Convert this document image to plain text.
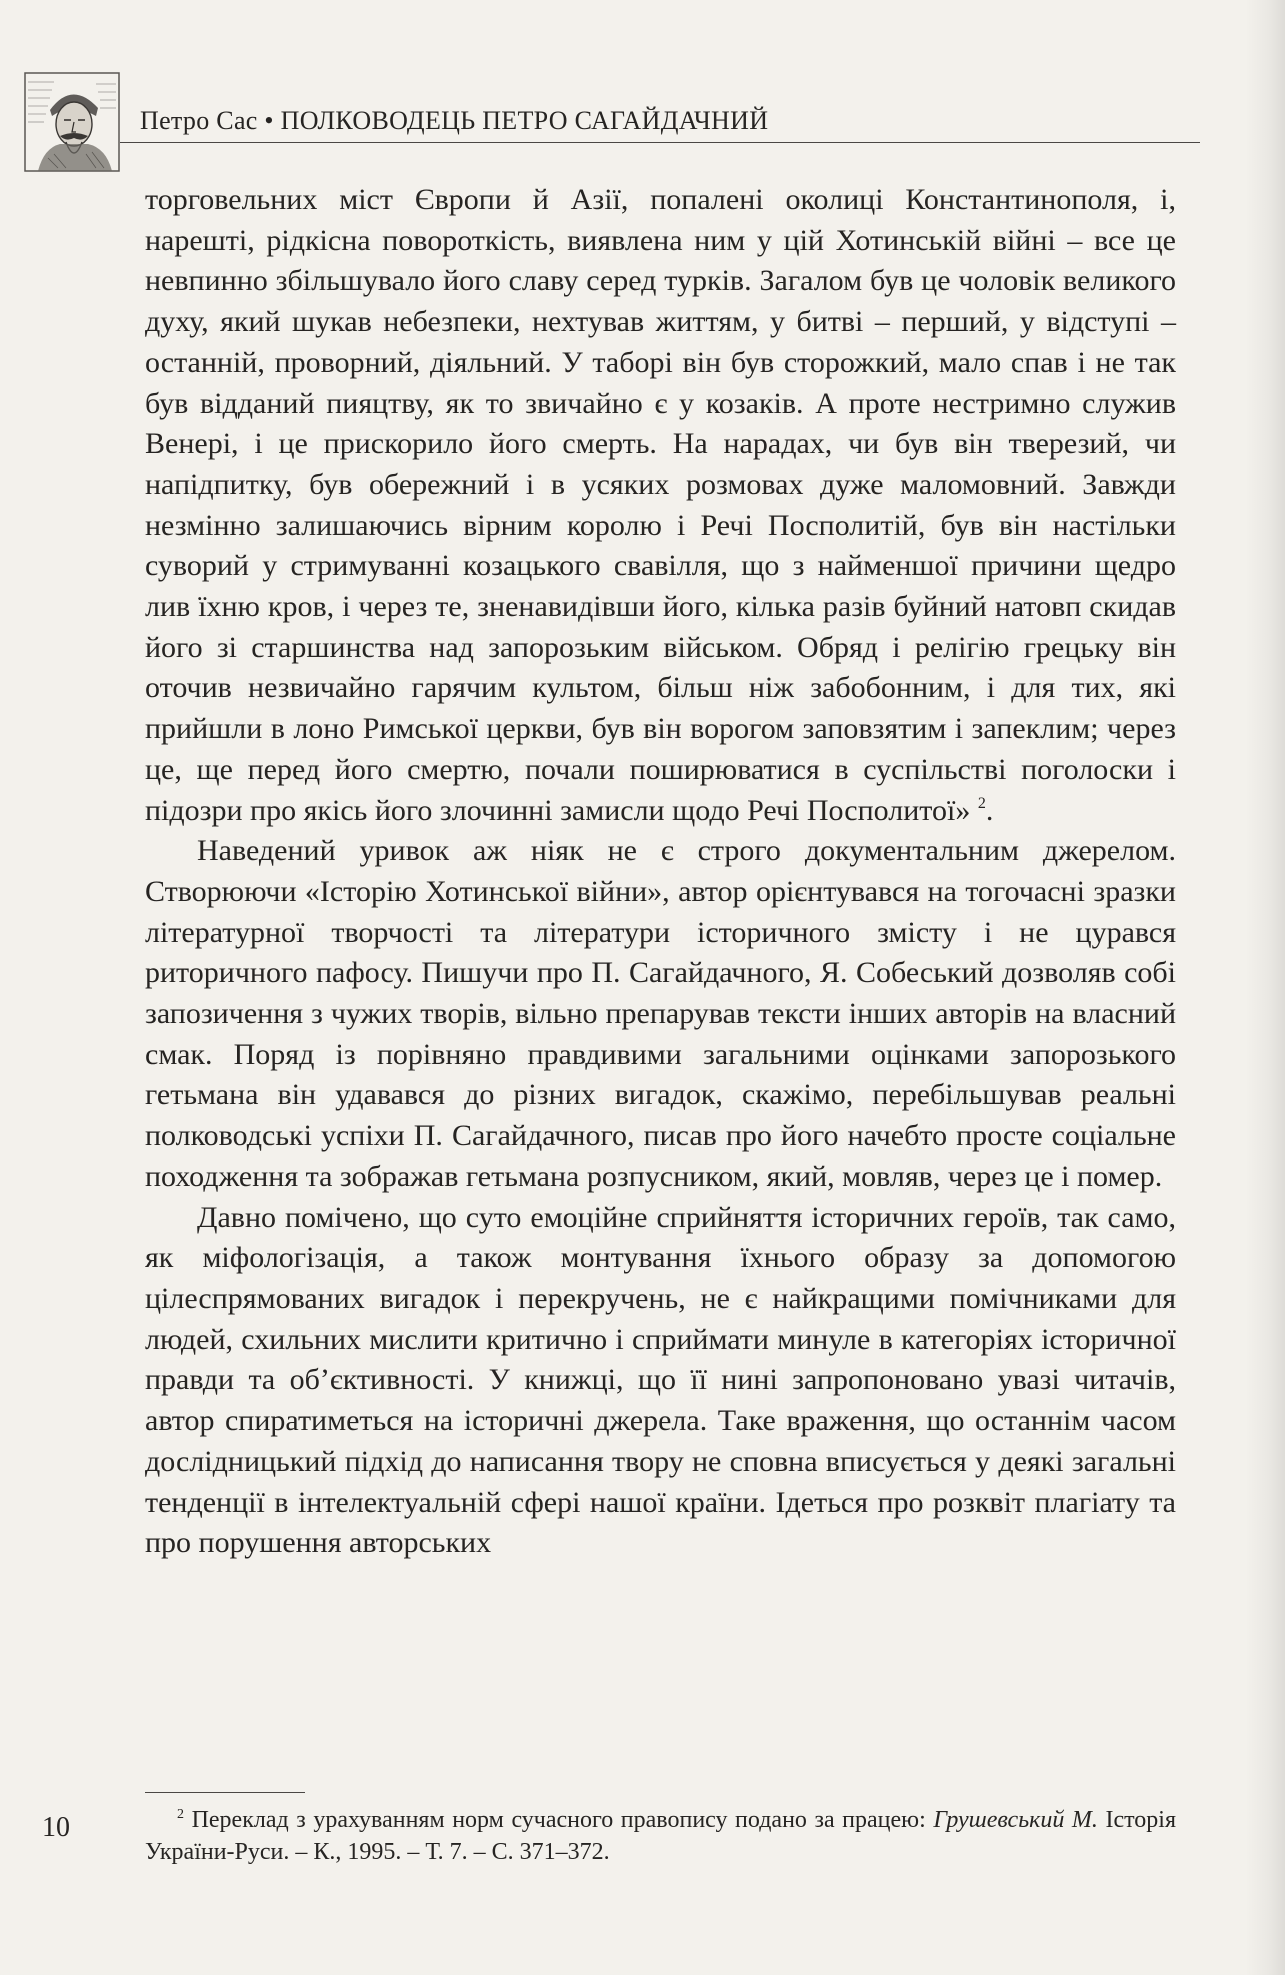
Петро Сас • ПОЛКОВОДЕЦЬ ПЕТРО САГАЙДАЧНИЙ

торговельних міст Європи й Азії, попалені околиці Константинополя, і, нарешті, рідкісна повороткість, виявлена ним у цій Хотинській війні – все це невпинно збільшувало його славу серед турків. Загалом був це чоловік великого духу, який шукав небезпеки, нехтував життям, у битві – перший, у відступі – останній, проворний, діяльний. У таборі він був сторожкий, мало спав і не так був відданий пияцтву, як то звичайно є у козаків. А проте нестримно служив Венері, і це прискорило його смерть. На нарадах, чи був він тверезий, чи напідпитку, був обережний і в усяких розмовах дуже маломовний. Завжди незмінно залишаючись вірним королю і Речі Посполитій, був він настільки суворий у стримуванні козацького свавілля, що з найменшої причини щедро лив їхню кров, і через те, зненавидівши його, кілька разів буйний натовп скидав його зі старшинства над запорозьким військом. Обряд і релігію грецьку він оточив незвичайно гарячим культом, більш ніж забобонним, і для тих, які прийшли в лоно Римської церкви, був він ворогом заповзятим і запеклим; через це, ще перед його смертю, почали поширюватися в суспільстві поголоски і підозри про якісь його злочинні замисли щодо Речі Посполитої» $^2$.

Наведений уривок аж ніяк не є строго документальним джерелом. Створюючи «Історію Хотинської війни», автор орієнтувався на тогочасні зразки літературної творчості та літератури історичного змісту і не цурався риторичного пафосу. Пишучи про П. Сагайдачного, Я. Собеський дозволяв собі запозичення з чужих творів, вільно препарував тексти інших авторів на власний смак. Поряд із порівняно правдивими загальними оцінками запорозького гетьмана він удавався до різних вигадок, скажімо, перебільшував реальні полководські успіхи П. Сагайдачного, писав про його начебто просте соціальне походження та зображав гетьмана розпусником, який, мовляв, через це і помер.

Давно помічено, що суто емоційне сприйняття історичних героїв, так само, як міфологізація, а також монтування їхнього образу за допомогою цілеспрямованих вигадок і перекручень, не є найкращими помічниками для людей, схильних мислити критично і сприймати минуле в категоріях історичної правди та об’єктивності. У книжці, що її нині запропоновано увазі читачів, автор спиратиметься на історичні джерела. Таке враження, що останнім часом дослідницький підхід до написання твору не сповна вписується у деякі загальні тенденції в інтелектуальній сфері нашої країни. Ідеться про розквіт плагіату та про порушення авторських

$^2$ Переклад з урахуванням норм сучасного правопису подано за працею: Грушевський М. Історія України-Руси. – К., 1995. – Т. 7. – С. 371–372.

10
